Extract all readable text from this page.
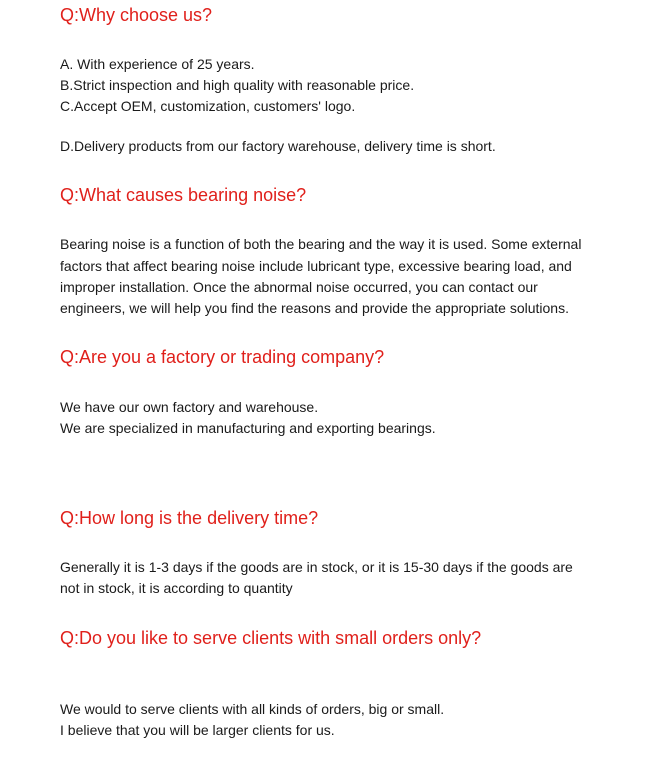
Q:Why choose us?

A. With experience of 25 years.

B.Strict inspection and high quality with reasonable price.

C.Accept OEM, customization, customers' logo.

D.Delivery products from our factory warehouse, delivery time is short.

Q:What causes bearing noise?

Bearing noise is a function of both the bearing and the way it is used. Some external

factors that affect bearing noise include lubricant type, excessive bearing load, and

improper installation. Once the abnormal noise occurred, you can contact our

engineers, we will help you find the reasons and provide the appropriate solutions.

Q:Are you a factory or trading company?

We have our own factory and warehouse.

We are specialized in manufacturing and exporting bearings.

Q:How long is the delivery time?

Generally it is 1-3 days if the goods are in stock, or it is 15-30 days if the goods are

not in stock, it is according to quantity

Q:Do you like to serve clients with small orders only?

We would to serve clients with all kinds of orders, big or small.

I believe that you will be larger clients for us.
